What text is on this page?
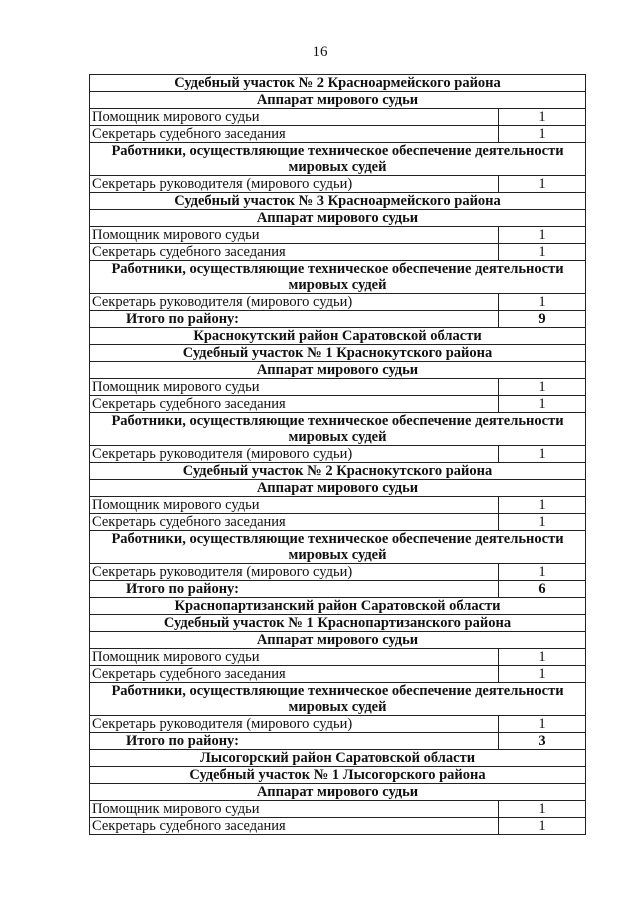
16
Судебный участок № 2 Красноармейского района	
Аппарат мирового судьи	
Помощник мирового судьи	1
Секретарь судебного заседания	1
Работники, осуществляющие техническое обеспечение деятельности мировых судей	
Секретарь руководителя (мирового судьи)	1
Судебный участок № 3 Красноармейского района	
Аппарат мирового судьи	
Помощник мирового судьи	1
Секретарь судебного заседания	1
Работники, осуществляющие техническое обеспечение деятельности мировых судей	
Секретарь руководителя (мирового судьи)	1
Итого по району:	9
Краснокутский район Саратовской области	
Судебный участок № 1 Краснокутского района	
Аппарат мирового судьи	
Помощник мирового судьи	1
Секретарь судебного заседания	1
Работники, осуществляющие техническое обеспечение деятельности мировых судей	
Секретарь руководителя (мирового судьи)	1
Судебный участок № 2 Краснокутского района	
Аппарат мирового судьи	
Помощник мирового судьи	1
Секретарь судебного заседания	1
Работники, осуществляющие техническое обеспечение деятельности мировых судей	
Секретарь руководителя (мирового судьи)	1
Итого по району:	6
Краснопартизанский район Саратовской области	
Судебный участок № 1 Краснопартизанского района	
Аппарат мирового судьи	
Помощник мирового судьи	1
Секретарь судебного заседания	1
Работники, осуществляющие техническое обеспечение деятельности мировых судей	
Секретарь руководителя (мирового судьи)	1
Итого по району:	3
Лысогорский район Саратовской области	
Судебный участок № 1 Лысогорского района	
Аппарат мирового судьи	
Помощник мирового судьи	1
Секретарь судебного заседания	1
